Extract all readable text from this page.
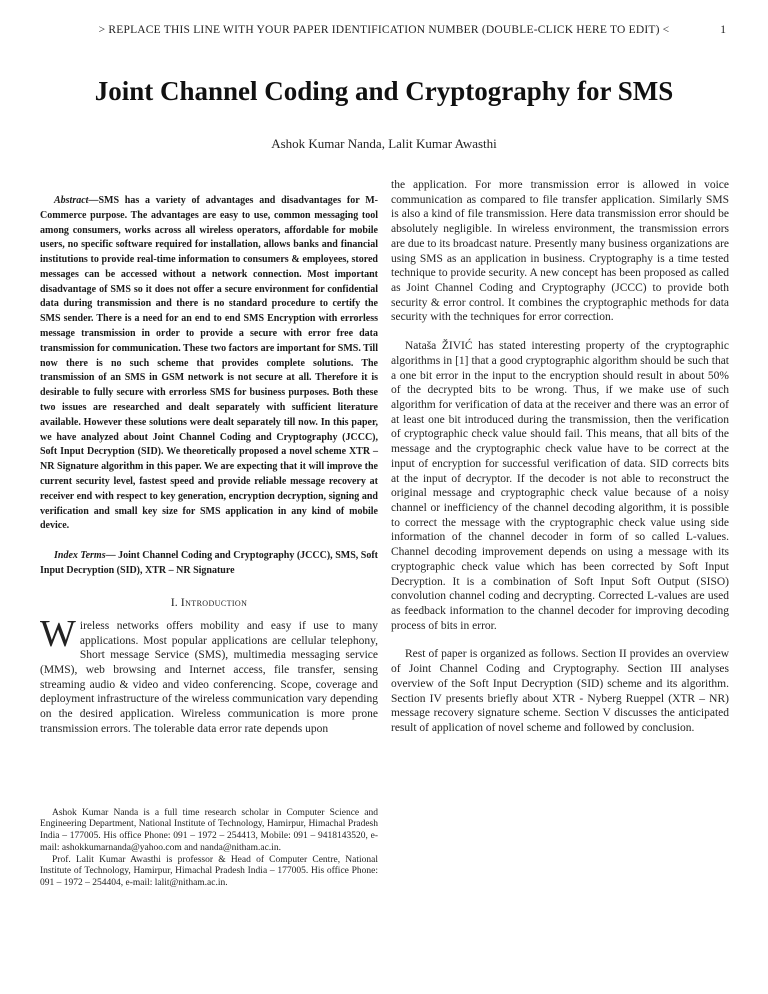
> REPLACE THIS LINE WITH YOUR PAPER IDENTIFICATION NUMBER (DOUBLE-CLICK HERE TO EDIT) <	1
Joint Channel Coding and Cryptography for SMS
Ashok Kumar Nanda, Lalit Kumar Awasthi

Abstract—SMS has a variety of advantages and disadvantages for M-Commerce purpose. The advantages are easy to use, common messaging tool among consumers, works across all wireless operators, affordable for mobile users, no specific software required for installation, allows banks and financial institutions to provide real-time information to consumers & employees, stored messages can be accessed without a network connection. Most important disadvantage of SMS so it does not offer a secure environment for confidential data during transmission and there is no standard procedure to certify the SMS sender. There is a need for an end to end SMS Encryption with errorless message transmission in order to provide a secure with error free data transmission for communication. These two factors are important for SMS. Till now there is no such scheme that provides complete solutions. The transmission of an SMS in GSM network is not secure at all. Therefore it is desirable to fully secure with errorless SMS for business purposes. Both these two issues are researched and dealt separately with sufficient literature available. However these solutions were dealt separately till now. In this paper, we have analyzed about Joint Channel Coding and Cryptography (JCCC), Soft Input Decryption (SID). We theoretically proposed a novel scheme XTR – NR Signature algorithm in this paper. We are expecting that it will improve the current security level, fastest speed and provide reliable message recovery at receiver end with respect to key generation, encryption decryption, signing and verification and small key size for SMS application in any kind of mobile device.

Index Terms— Joint Channel Coding and Cryptography (JCCC), SMS, Soft Input Decryption (SID), XTR – NR Signature

I. Introduction

Wireless networks offers mobility and easy if use to many applications. Most popular applications are cellular telephony, Short message Service (SMS), multimedia messaging service (MMS), web browsing and Internet access, file transfer, sensing streaming audio & video and video conferencing. Scope, coverage and deployment infrastructure of the wireless communication vary depending on the desired application. Wireless communication is more prone transmission errors. The tolerable data error rate depends upon

Ashok Kumar Nanda is a full time research scholar in Computer Science and Engineering Department, National Institute of Technology, Hamirpur, Himachal Pradesh India – 177005. His office Phone: 091 – 1972 – 254413, Mobile: 091 – 9418143520, e-mail: ashokkumarnanda@yahoo.com and nanda@nitham.ac.in.

Prof. Lalit Kumar Awasthi is professor & Head of Computer Centre, National Institute of Technology, Hamirpur, Himachal Pradesh India – 177005. His office Phone: 091 – 1972 – 254404, e-mail: lalit@nitham.ac.in.

the application. For more transmission error is allowed in voice communication as compared to file transfer application. Similarly SMS is also a kind of file transmission. Here data transmission error should be absolutely negligible. In wireless environment, the transmission errors are due to its broadcast nature. Presently many business organizations are using SMS as an application in business. Cryptography is a time tested technique to provide security. A new concept has been proposed as called as Joint Channel Coding and Cryptography (JCCC) to provide both security & error control. It combines the cryptographic methods for data security with the techniques for error correction.

Nataša ŽIVIĆ has stated interesting property of the cryptographic algorithms in [1] that a good cryptographic algorithm should be such that a one bit error in the input to the encryption should result in about 50% of the decrypted bits to be wrong. Thus, if we make use of such algorithm for verification of data at the receiver and there was an error of at least one bit introduced during the transmission, then the verification of cryptographic check value should fail. This means, that all bits of the message and the cryptographic check value have to be correct at the input of encryption for successful verification of data. SID corrects bits at the input of decryptor. If the decoder is not able to reconstruct the original message and cryptographic check value because of a noisy channel or inefficiency of the channel decoding algorithm, it is possible to correct the message with the cryptographic check value using side information of the channel decoder in form of so called L-values. Channel decoding improvement depends on using a message with its cryptographic check value which has been corrected by Soft Input Decryption. It is a combination of Soft Input Soft Output (SISO) convolution channel coding and decrypting. Corrected L-values are used as feedback information to the channel decoder for improving decoding process of bits in error.

Rest of paper is organized as follows. Section II provides an overview of Joint Channel Coding and Cryptography. Section III analyses overview of the Soft Input Decryption (SID) scheme and its algorithm. Section IV presents briefly about XTR - Nyberg Rueppel (XTR – NR) message recovery signature scheme. Section V discusses the anticipated result of application of novel scheme and followed by conclusion.
